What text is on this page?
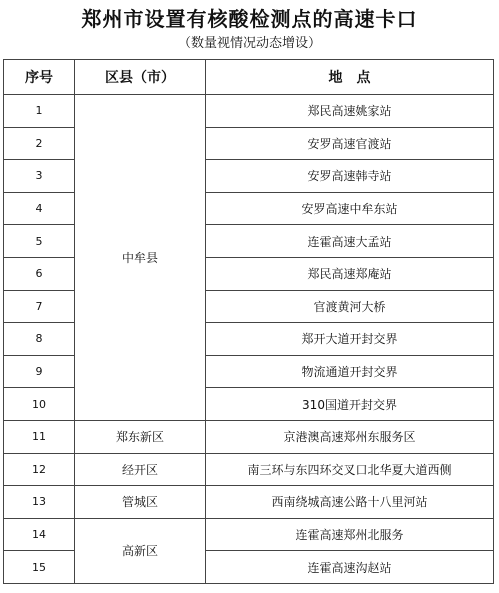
郑州市设置有核酸检测点的高速卡口
（数量视情况动态增设）
序号	区县（市）	地　点
1	中牟县	郑民高速姚家站
2		安罗高速官渡站
3		安罗高速韩寺站
4		安罗高速中牟东站
5		连霍高速大孟站
6		郑民高速郑庵站
7		官渡黄河大桥
8		郑开大道开封交界
9		物流通道开封交界
10		310国道开封交界
11	郑东新区	京港澳高速郑州东服务区
12	经开区	南三环与东四环交叉口北华夏大道西侧
13	管城区	西南绕城高速公路十八里河站
14	高新区	连霍高速郑州北服务
15		连霍高速沟赵站
